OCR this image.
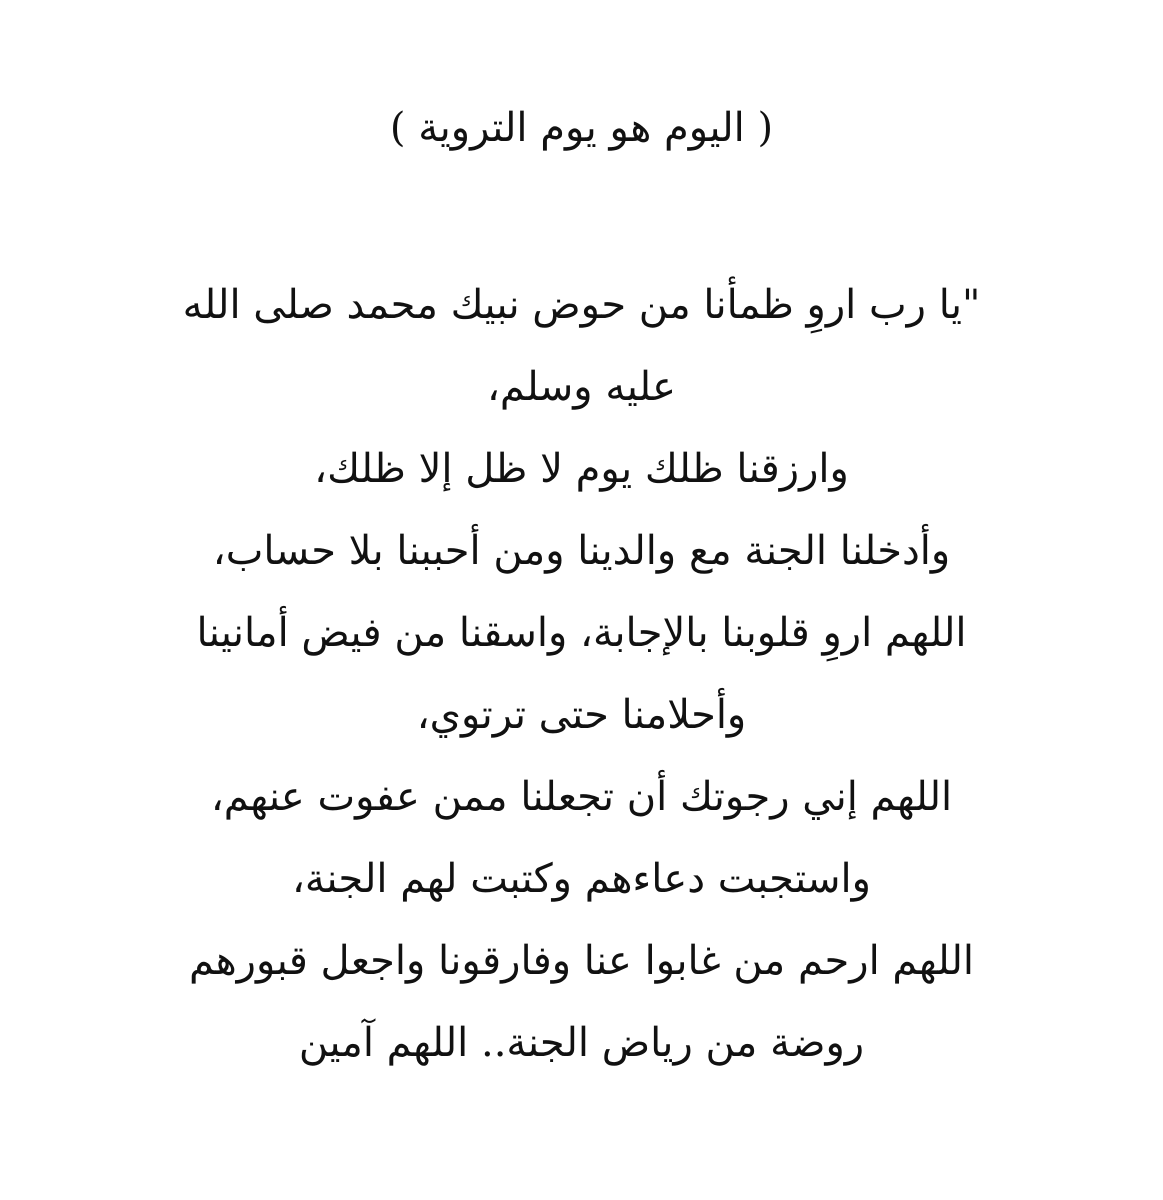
( اليوم هو يوم التروية )
"يا رب اروِ ظمأنا من حوض نبيك محمد صلى الله
عليه وسلم،
وارزقنا ظلك يوم لا ظل إلا ظلك،
وأدخلنا الجنة مع والدينا ومن أحببنا بلا حساب،
اللهم اروِ قلوبنا بالإجابة، واسقنا من فيض أمانينا
وأحلامنا حتى ترتوي،
اللهم إني رجوتك أن تجعلنا ممن عفوت عنهم،
واستجبت دعاءهم وكتبت لهم الجنة،
اللهم ارحم من غابوا عنا وفارقونا واجعل قبورهم
روضة من رياض الجنة.. اللهم آمين
